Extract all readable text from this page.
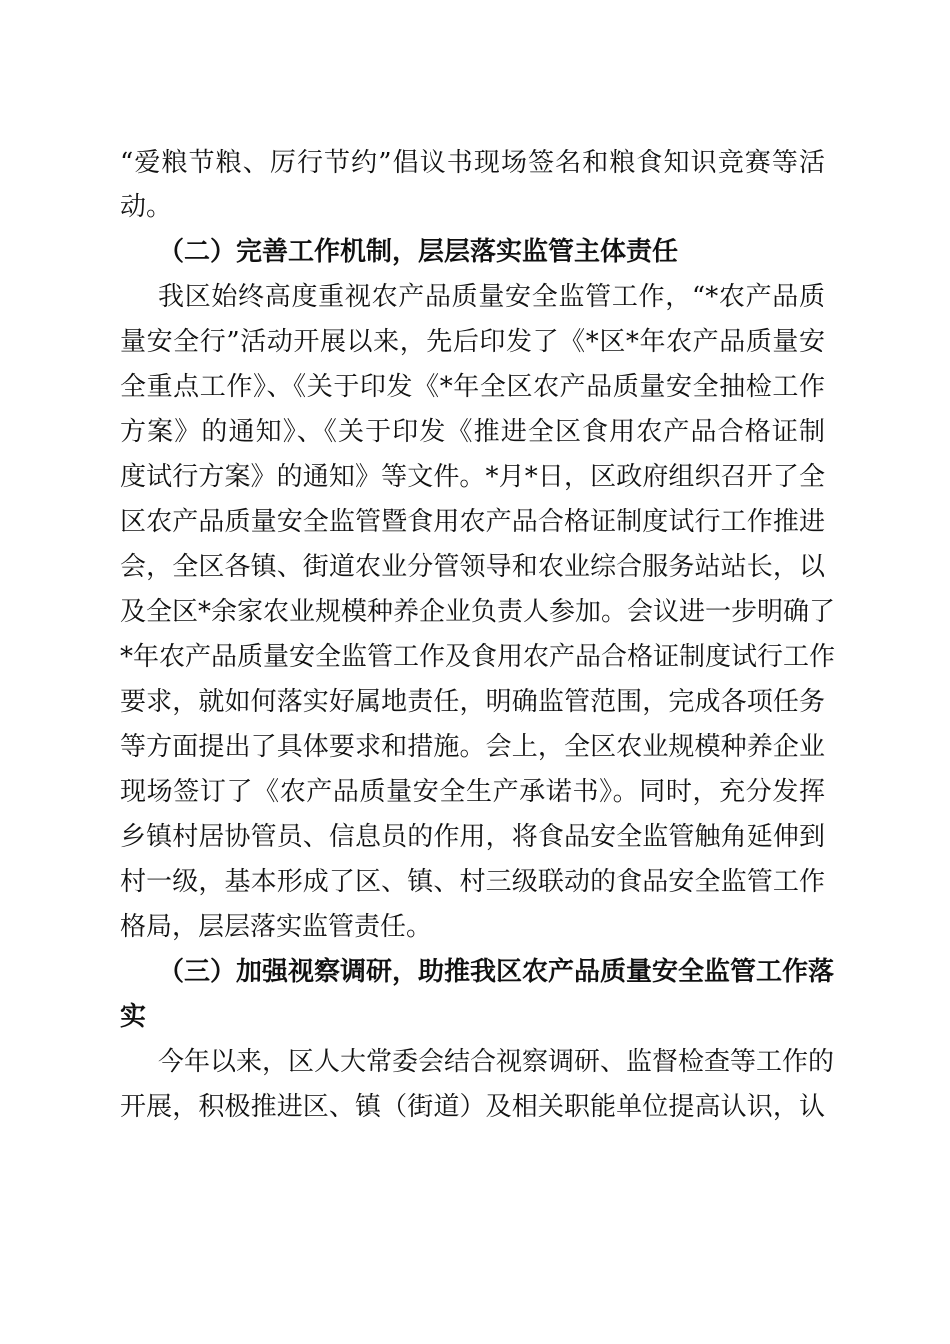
“爱粮节粮、厉行节约”倡议书现场签名和粮食知识竞赛等活
动。
（二）完善工作机制，层层落实监管主体责任
我区始终高度重视农产品质量安全监管工作，“*农产品质
量安全行”活动开展以来，先后印发了《*区*年农产品质量安
全重点工作》、《关于印发《*年全区农产品质量安全抽检工作
方案》的通知》、《关于印发《推进全区食用农产品合格证制
度试行方案》的通知》等文件。*月*日，区政府组织召开了全
区农产品质量安全监管暨食用农产品合格证制度试行工作推进
会，全区各镇、街道农业分管领导和农业综合服务站站长，以
及全区*余家农业规模种养企业负责人参加。会议进一步明确了
*年农产品质量安全监管工作及食用农产品合格证制度试行工作
要求，就如何落实好属地责任，明确监管范围，完成各项任务
等方面提出了具体要求和措施。会上，全区农业规模种养企业
现场签订了《农产品质量安全生产承诺书》。同时，充分发挥
乡镇村居协管员、信息员的作用，将食品安全监管触角延伸到
村一级，基本形成了区、镇、村三级联动的食品安全监管工作
格局，层层落实监管责任。
（三）加强视察调研，助推我区农产品质量安全监管工作落
实
今年以来，区人大常委会结合视察调研、监督检查等工作的
开展，积极推进区、镇（街道）及相关职能单位提高认识，认
